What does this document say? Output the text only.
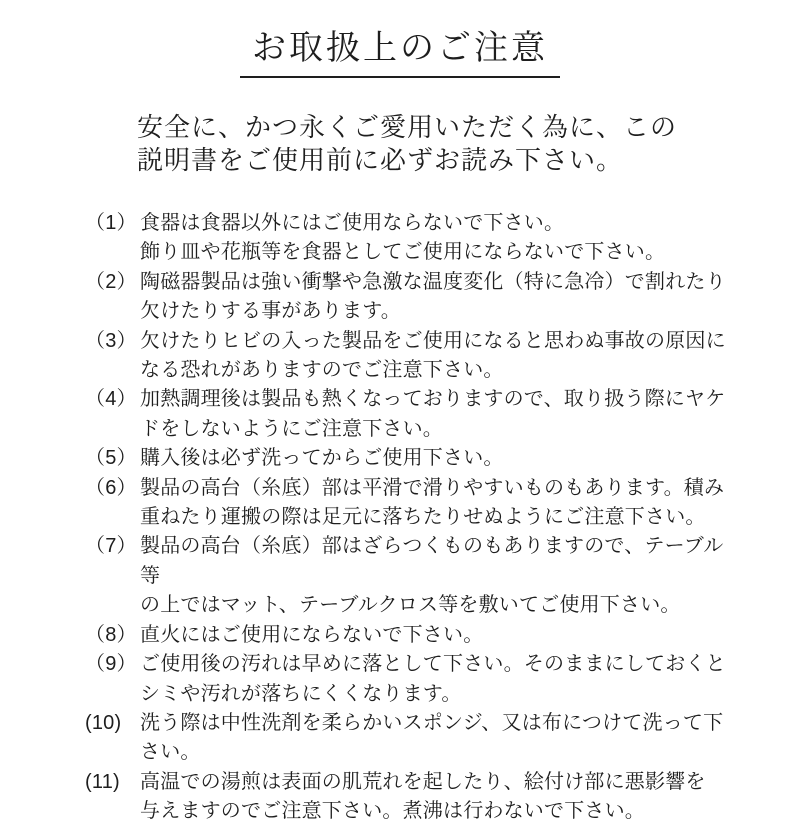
お取扱上のご注意

安全に、かつ永くご愛用いただく為に、この
説明書をご使用前に必ずお読み下さい。

（1） 食器は食器以外にはご使用ならないで下さい。
飾り皿や花瓶等を食器としてご使用にならないで下さい。
（2） 陶磁器製品は強い衝撃や急激な温度変化（特に急冷）で割れたり
欠けたりする事があります。
（3） 欠けたりヒビの入った製品をご使用になると思わぬ事故の原因に
なる恐れがありますのでご注意下さい。
（4） 加熱調理後は製品も熱くなっておりますので、取り扱う際にヤケ
ドをしないようにご注意下さい。
（5） 購入後は必ず洗ってからご使用下さい。
（6） 製品の高台（糸底）部は平滑で滑りやすいものもあります。積み
重ねたり運搬の際は足元に落ちたりせぬようにご注意下さい。
（7） 製品の高台（糸底）部はざらつくものもありますので、テーブル等
の上ではマット、テーブルクロス等を敷いてご使用下さい。
（8） 直火にはご使用にならないで下さい。
（9） ご使用後の汚れは早めに落として下さい。そのままにしておくと
シミや汚れが落ちにくくなります。
(10) 洗う際は中性洗剤を柔らかいスポンジ、又は布につけて洗って下
さい。
(11)	高温での湯煎は表面の肌荒れを起したり、絵付け部に悪影響を
与えますのでご注意下さい。煮沸は行わないで下さい。
